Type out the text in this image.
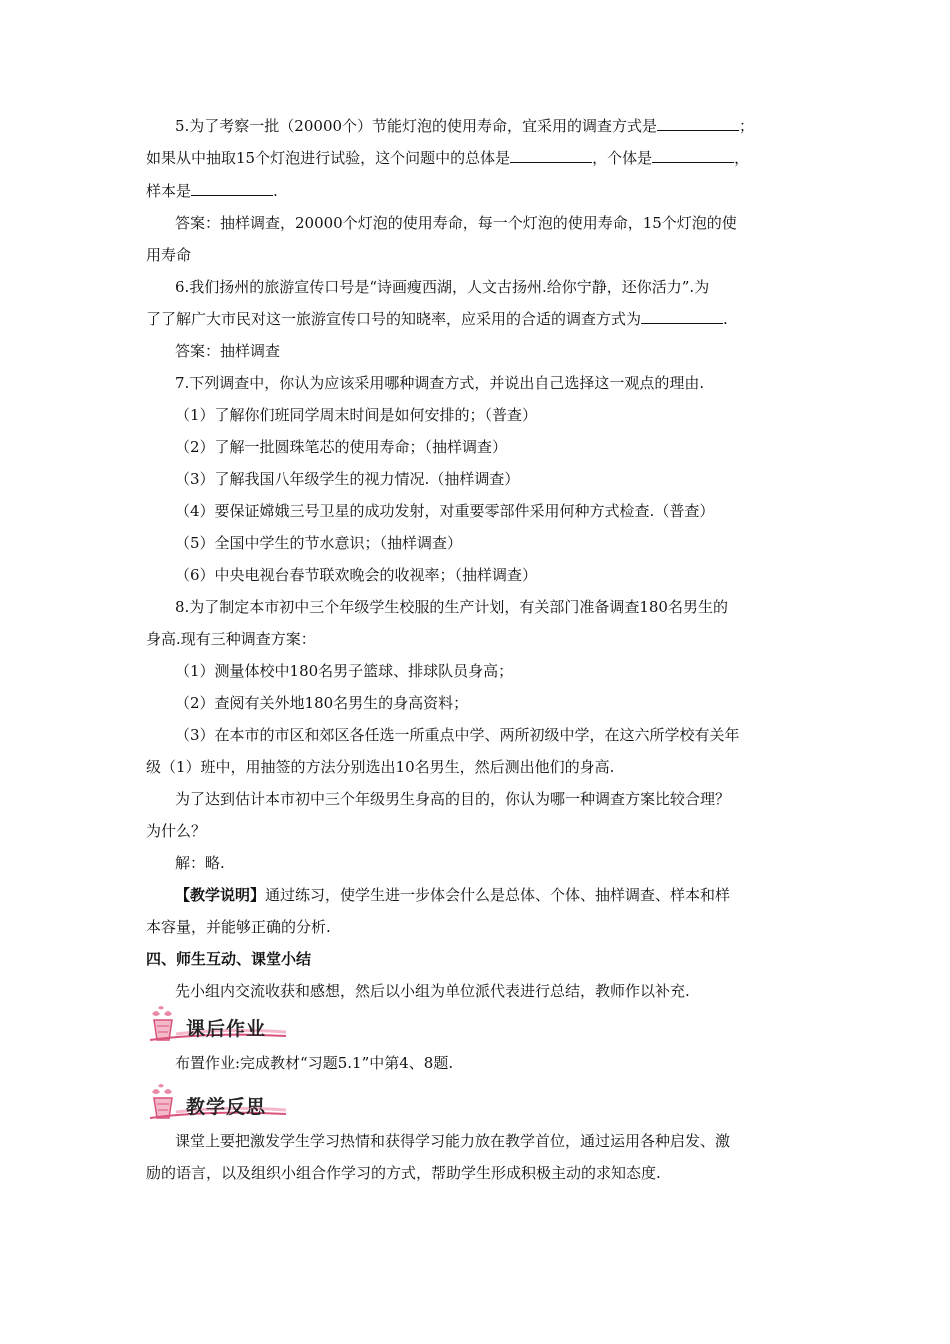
5.为了考察一批（20000个）节能灯泡的使用寿命，宜采用的调查方式是	；
如果从中抽取15个灯泡进行试验，这个问题中的总体是	，个体是	，
样本是	.
答案：抽样调查，20000个灯泡的使用寿命，每一个灯泡的使用寿命，15个灯泡的使
用寿命
6.我们扬州的旅游宣传口号是“诗画瘦西湖，人文古扬州.给你宁静，还你活力”.为
了了解广大市民对这一旅游宣传口号的知晓率，应采用的合适的调查方式为	.
答案：抽样调查
7.下列调查中，你认为应该采用哪种调查方式，并说出自己选择这一观点的理由.
（1）了解你们班同学周末时间是如何安排的；（普查）
（2）了解一批圆珠笔芯的使用寿命；（抽样调查）
（3）了解我国八年级学生的视力情况.（抽样调查）
（4）要保证嫦娥三号卫星的成功发射，对重要零部件采用何种方式检查.（普查）
（5）全国中学生的节水意识；（抽样调查）
（6）中央电视台春节联欢晚会的收视率；（抽样调查）
8.为了制定本市初中三个年级学生校服的生产计划，有关部门准备调查180名男生的
身高.现有三种调查方案：
（1）测量体校中180名男子篮球、排球队员身高；
（2）查阅有关外地180名男生的身高资料；
（3）在本市的市区和郊区各任选一所重点中学、两所初级中学，在这六所学校有关年
级（1）班中，用抽签的方法分别选出10名男生，然后测出他们的身高.
为了达到估计本市初中三个年级男生身高的目的，你认为哪一种调查方案比较合理？
为什么？
解：略.
【教学说明】通过练习，使学生进一步体会什么是总体、个体、抽样调查、样本和样
本容量，并能够正确的分析.
四、师生互动、课堂小结
先小组内交流收获和感想，然后以小组为单位派代表进行总结，教师作以补充.
课后作业
布置作业:完成教材“习题5.1”中第4、8题.
教学反思
课堂上要把激发学生学习热情和获得学习能力放在教学首位，通过运用各种启发、激
励的语言，以及组织小组合作学习的方式，帮助学生形成积极主动的求知态度.
